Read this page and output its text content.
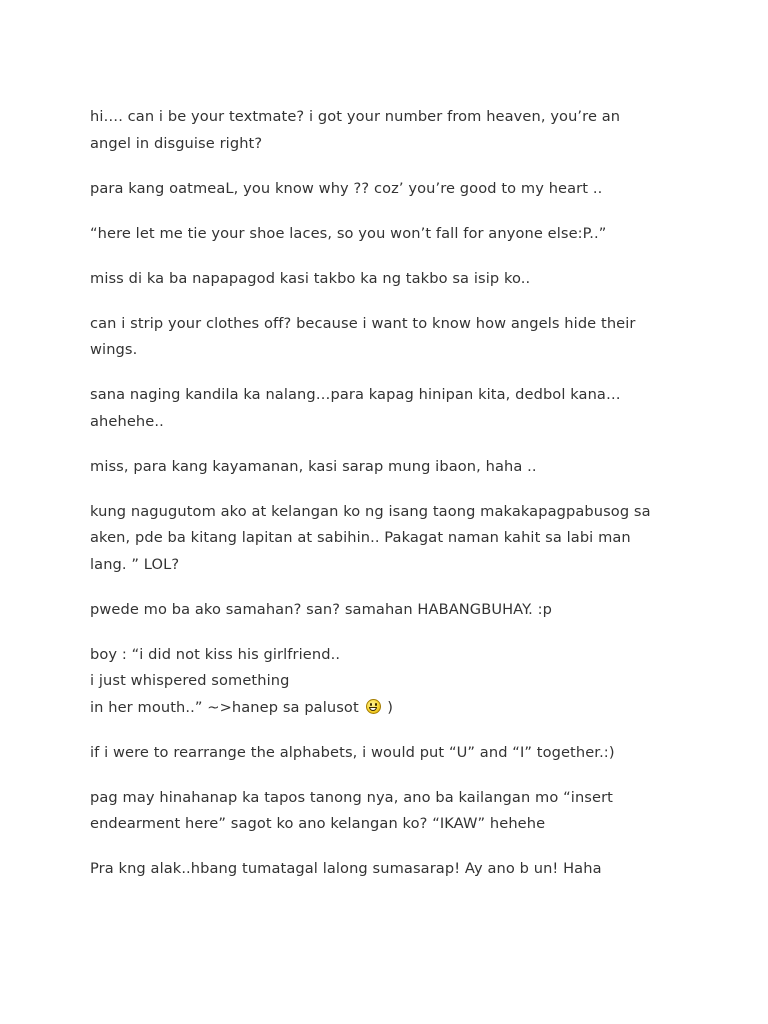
hi…. can i be your textmate? i got your number from heaven, you’re an
angel in disguise right?

para kang oatmeaL, you know why ?? coz’ you’re good to my heart ..

“here let me tie your shoe laces, so you won’t fall for anyone else:P..”

miss di ka ba napapagod kasi takbo ka ng takbo sa isip ko..

can i strip your clothes off? because i want to know how angels hide their
wings.

sana naging kandila ka nalang…para kapag hinipan kita, dedbol kana…
ahehehe..

miss, para kang kayamanan, kasi sarap mung ibaon, haha ..

kung nagugutom ako at kelangan ko ng isang taong makakapagpabusog sa
aken, pde ba kitang lapitan at sabihin.. Pakagat naman kahit sa labi man
lang. ” LOL?

pwede mo ba ako samahan? san? samahan HABANGBUHAY. :p

boy : “i did not kiss his girlfriend..
i just whispered something
in her mouth..” ~>hanep sa palusot  )

if i were to rearrange the alphabets, i would put “U” and “I” together.:)

pag may hinahanap ka tapos tanong nya, ano ba kailangan mo “insert
endearment here” sagot ko ano kelangan ko? “IKAW” hehehe

Pra kng alak..hbang tumatagal lalong sumasarap! Ay ano b un! Haha
